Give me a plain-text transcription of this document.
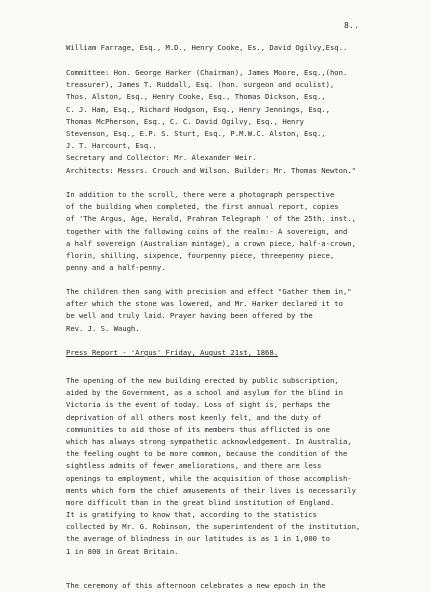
8..
William Farrage, Esq., M.D., Henry Cooke, Es., David Ogilvy,Esq..
Committee: Hon. George Harker (Chairman), James Moore, Esq.,(hon.
treasurer), James T. Ruddall, Esq. (hon. surgeon and oculist),
Thos. Alston, Esq., Henry Cooke, Esq., Thomas Dickson, Esq.,
C. J. Ham, Esq., Richard Hodgson, Esq., Henry Jennings, Esq.,
Thomas McPherson, Esq., C. C. David Ogilvy, Esq., Henry
Stevenson, Esq., E.P. S. Sturt, Esq., P.M.W.C. Alston, Esq.,
J. T. Harcourt, Esq..
Secretary and Collector: Mr. Alexander Weir.
Architects: Messrs. Crouch and Wilson. Builder: Mr. Thomas Newton."
In addition to the scroll, there were a photograph perspective
of the building when completed, the first annual report, copies
of 'The Argus, Age, Herald, Prahran Telegraph ' of the 25th. inst.,
together with the following coins of the realm:- A sovereign, and
a half sovereign (Australian mintage), a crown piece, half-a-crown,
florin, shilling, sixpence, fourpenny piece, threepenny piece,
penny and a half-penny.
The children then sang with precision and effect "Gather them in,"
after which the stone was lowered, and Mr. Harker declared it to
be well and truly laid. Prayer having been offered by the
Rev. J. S. Waugh.
Press Report - 'Argus' Friday, August 21st, 1868.
The opening of the new building erected by public subscription,
aided by the Government, as a school and asylum for the blind in
Victoria is the event of today. Loss of sight is, perhaps the
deprivation of all others most keenly felt, and the duty of
communities to aid those of its members thus afflicted is one
which has always strong sympathetic acknowledgement. In Australia,
the feeling ought to be more common, because the condition of the
sightless admits of fewer ameliorations, and there are less
openings to employment, while the acquisition of those accomplish-
ments which form the chief amusements of their lives is necessarily
more difficult than in the great blind institution of England.
It is gratifying to know that, according to the statistics
collected by Mr. G. Robinson, the superintendent of the institution,
the average of blindness in our latitudes is as 1 in 1,000 to
1 in 800 in Great Britain.
The ceremony of this afternoon celebrates a new epoch in the
